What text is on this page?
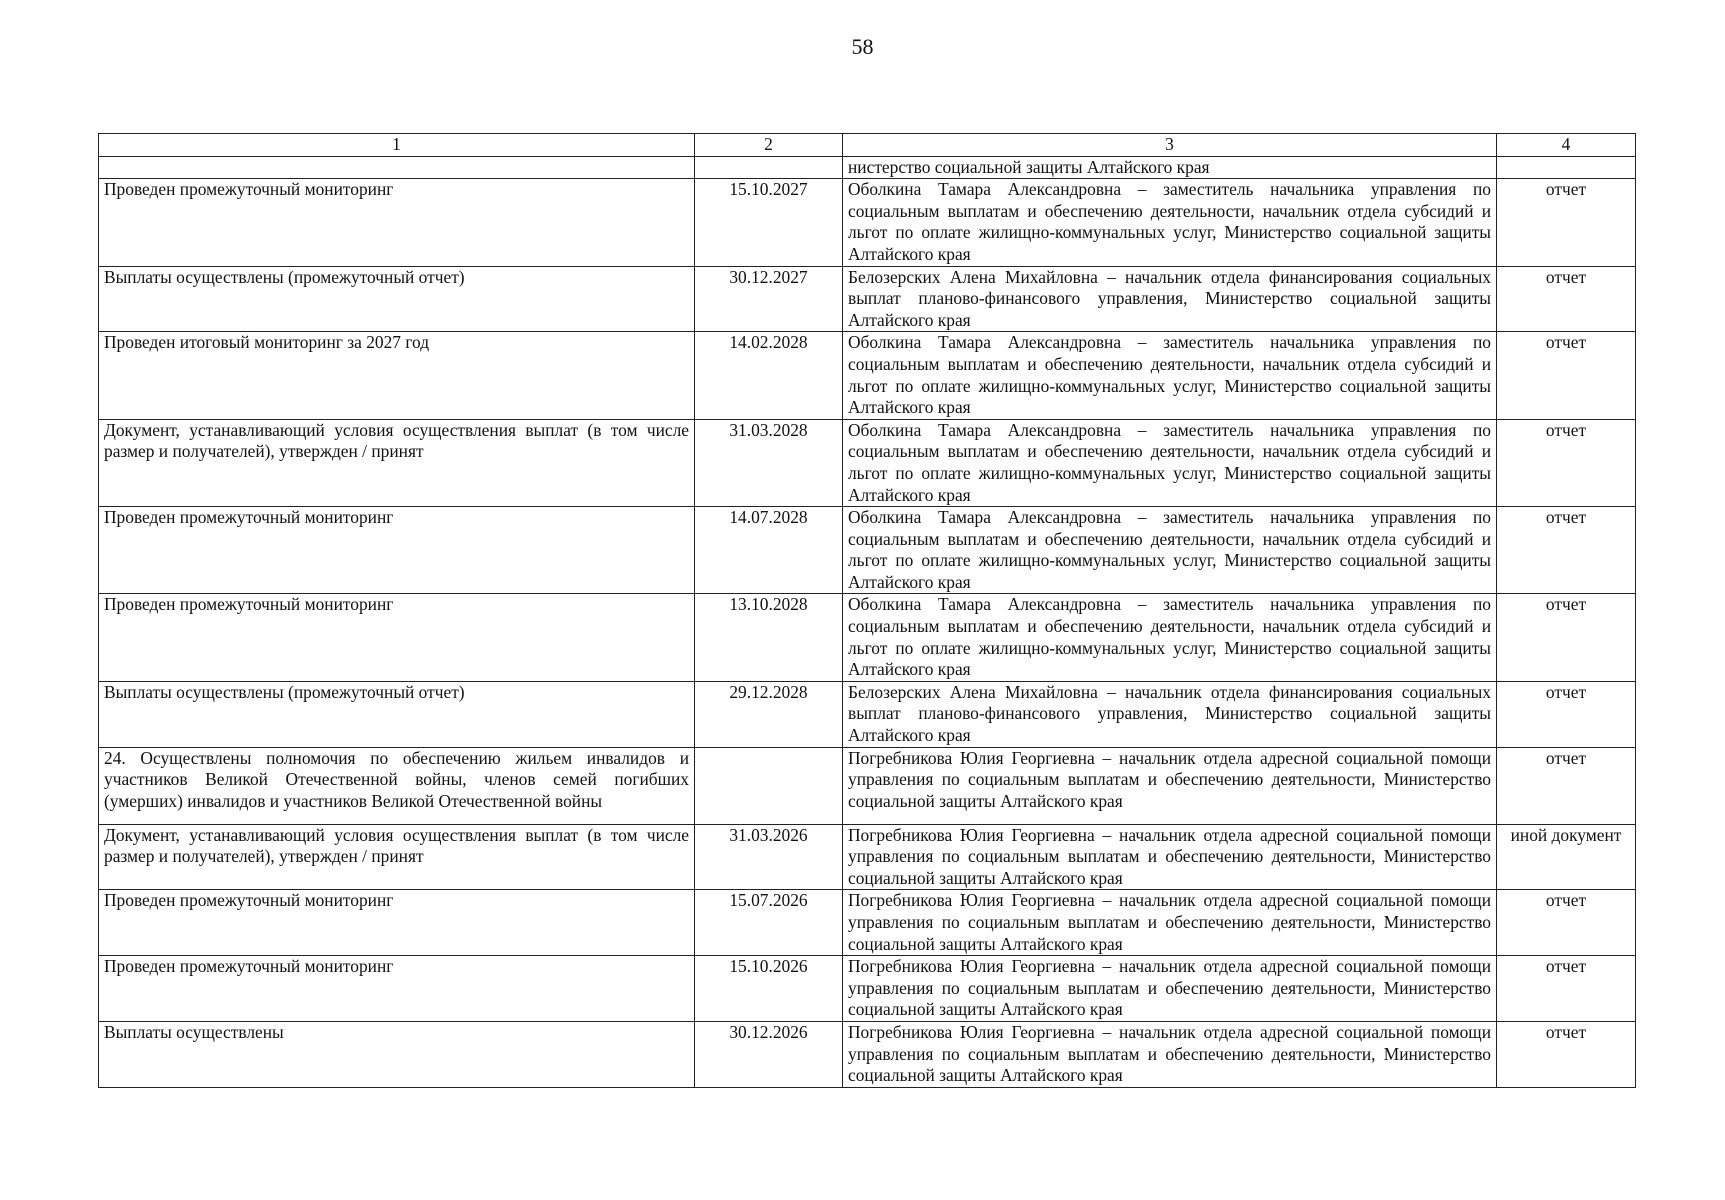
58
1	2	3	4
		нистерство социальной защиты Алтайского края	
Проведен промежуточный мониторинг	15.10.2027	Оболкина Тамара Александровна – заместитель начальника управления по социальным выплатам и обеспечению деятельности, начальник отдела субсидий и льгот по оплате жилищно-коммунальных услуг, Министерство социальной защиты Алтайского края	отчет
Выплаты осуществлены (промежуточный отчет)	30.12.2027	Белозерских Алена Михайловна – начальник отдела финансирования социальных выплат планово-финансового управления, Министерство социальной защиты Алтайского края	отчет
Проведен итоговый мониторинг за 2027 год	14.02.2028	Оболкина Тамара Александровна – заместитель начальника управления по социальным выплатам и обеспечению деятельности, начальник отдела субсидий и льгот по оплате жилищно-коммунальных услуг, Министерство социальной защиты Алтайского края	отчет
Документ, устанавливающий условия осуществления выплат (в том числе размер и получателей), утвержден / принят	31.03.2028	Оболкина Тамара Александровна – заместитель начальника управления по социальным выплатам и обеспечению деятельности, начальник отдела субсидий и льгот по оплате жилищно-коммунальных услуг, Министерство социальной защиты Алтайского края	отчет
Проведен промежуточный мониторинг	14.07.2028	Оболкина Тамара Александровна – заместитель начальника управления по социальным выплатам и обеспечению деятельности, начальник отдела субсидий и льгот по оплате жилищно-коммунальных услуг, Министерство социальной защиты Алтайского края	отчет
Проведен промежуточный мониторинг	13.10.2028	Оболкина Тамара Александровна – заместитель начальника управления по социальным выплатам и обеспечению деятельности, начальник отдела субсидий и льгот по оплате жилищно-коммунальных услуг, Министерство социальной защиты Алтайского края	отчет
Выплаты осуществлены (промежуточный отчет)	29.12.2028	Белозерских Алена Михайловна – начальник отдела финансирования социальных выплат планово-финансового управления, Министерство социальной защиты Алтайского края	отчет
24. Осуществлены полномочия по обеспечению жильем инвалидов и участников Великой Отечественной войны, членов семей погибших (умерших) инвалидов и участников Великой Отечественной войны		Погребникова Юлия Георгиевна – начальник отдела адресной социальной помощи управления по социальным выплатам и обеспечению деятельности, Министерство социальной защиты Алтайского края	отчет
Документ, устанавливающий условия осуществления выплат (в том числе размер и получателей), утвержден / принят	31.03.2026	Погребникова Юлия Георгиевна – начальник отдела адресной социальной помощи управления по социальным выплатам и обеспечению деятельности, Министерство социальной защиты Алтайского края	иной документ
Проведен промежуточный мониторинг	15.07.2026	Погребникова Юлия Георгиевна – начальник отдела адресной социальной помощи управления по социальным выплатам и обеспечению деятельности, Министерство социальной защиты Алтайского края	отчет
Проведен промежуточный мониторинг	15.10.2026	Погребникова Юлия Георгиевна – начальник отдела адресной социальной помощи управления по социальным выплатам и обеспечению деятельности, Министерство социальной защиты Алтайского края	отчет
Выплаты осуществлены	30.12.2026	Погребникова Юлия Георгиевна – начальник отдела адресной социальной помощи управления по социальным выплатам и обеспечению деятельности, Министерство социальной защиты Алтайского края	отчет
